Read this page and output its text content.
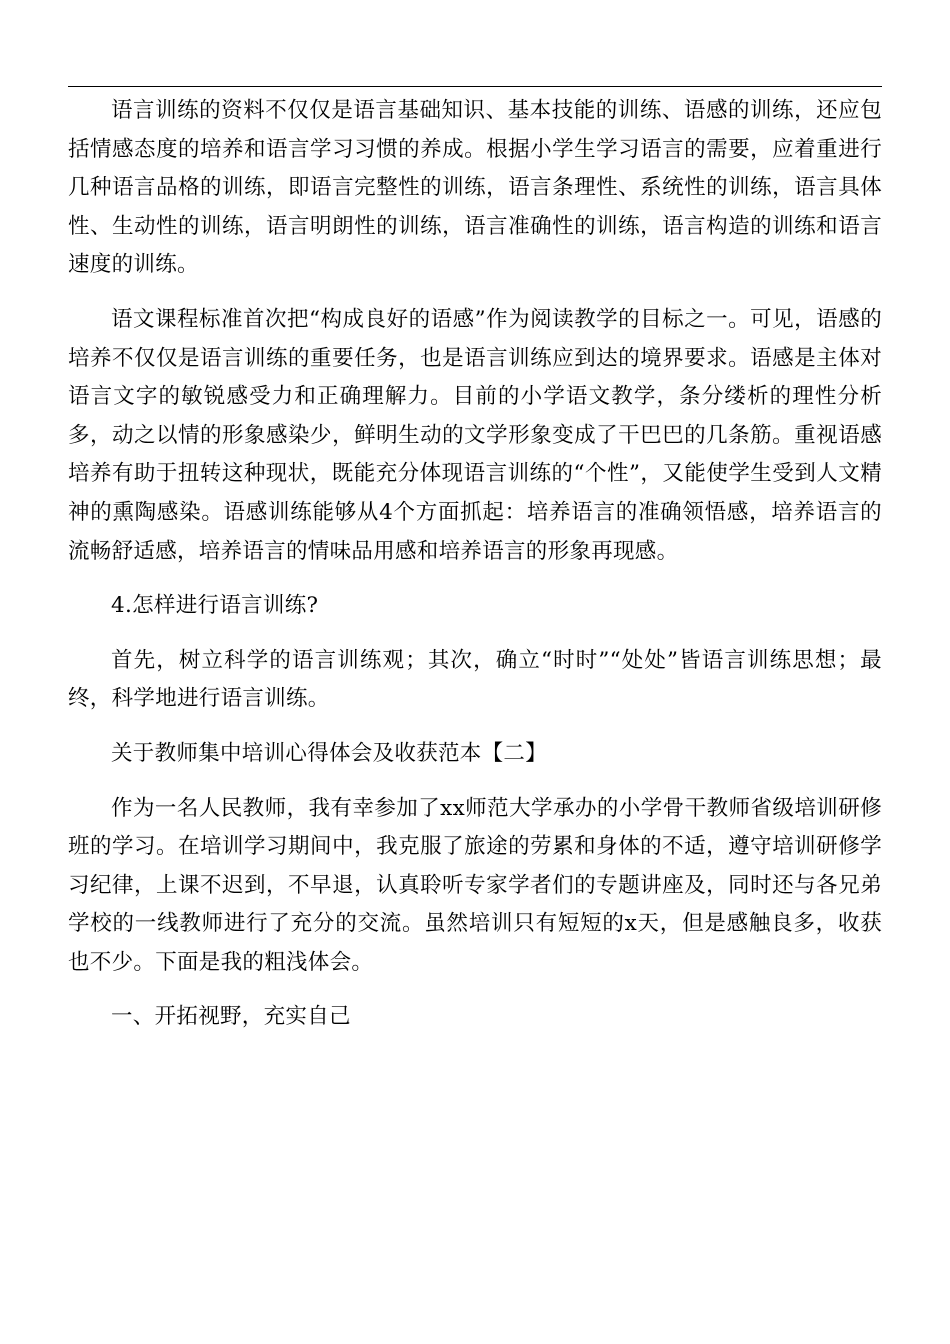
语言训练的资料不仅仅是语言基础知识、基本技能的训练、语感的训练，还应包括情感态度的培养和语言学习习惯的养成。根据小学生学习语言的需要，应着重进行几种语言品格的训练，即语言完整性的训练，语言条理性、系统性的训练，语言具体性、生动性的训练，语言明朗性的训练，语言准确性的训练，语言构造的训练和语言速度的训练。

语文课程标准首次把“构成良好的语感”作为阅读教学的目标之一。可见，语感的培养不仅仅是语言训练的重要任务，也是语言训练应到达的境界要求。语感是主体对语言文字的敏锐感受力和正确理解力。目前的小学语文教学，条分缕析的理性分析多，动之以情的形象感染少，鲜明生动的文学形象变成了干巴巴的几条筋。重视语感培养有助于扭转这种现状，既能充分体现语言训练的“个性”，又能使学生受到人文精神的熏陶感染。语感训练能够从4个方面抓起：培养语言的准确领悟感，培养语言的流畅舒适感，培养语言的情味品用感和培养语言的形象再现感。

4.怎样进行语言训练?

首先，树立科学的语言训练观；其次，确立“时时”“处处”皆语言训练思想；最终，科学地进行语言训练。

关于教师集中培训心得体会及收获范本【二】

作为一名人民教师，我有幸参加了xx师范大学承办的小学骨干教师省级培训研修班的学习。在培训学习期间中，我克服了旅途的劳累和身体的不适，遵守培训研修学习纪律，上课不迟到，不早退，认真聆听专家学者们的专题讲座及，同时还与各兄弟学校的一线教师进行了充分的交流。虽然培训只有短短的x天，但是感触良多，收获也不少。下面是我的粗浅体会。

一、开拓视野，充实自己
